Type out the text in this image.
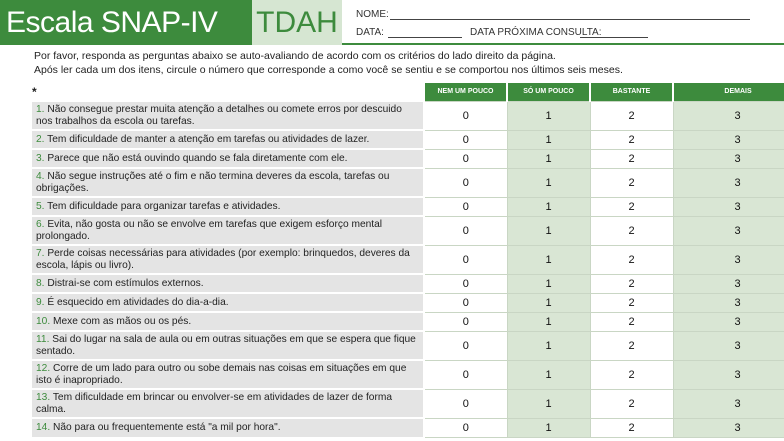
Escala SNAP-IV	TDAH	NOME:
DATA:	DATA PRÓXIMA CONSULTA:
Por favor, responda as perguntas abaixo se auto-avaliando de acordo com os critérios do lado direito da página.
Após ler cada um dos itens, circule o número que corresponde a como você se sentiu e se comportou nos últimos seis meses.
*	NEM UM POUCO	SÓ UM POUCO	BASTANTE	DEMAIS
1. Não consegue prestar muita atenção a detalhes ou comete erros por descuido nos trabalhos da escola ou tarefas.	0	1	2	3
2. Tem dificuldade de manter a atenção em tarefas ou atividades de lazer.	0	1	2	3
3. Parece que não está ouvindo quando se fala diretamente com ele.	0	1	2	3
4. Não segue instruções até o fim e não termina deveres da escola, tarefas ou obrigações.	0	1	2	3
5. Tem dificuldade para organizar tarefas e atividades.	0	1	2	3
6. Evita, não gosta ou não se envolve em tarefas que exigem esforço mental prolongado.	0	1	2	3
7. Perde coisas necessárias para atividades (por exemplo: brinquedos, deveres da escola, lápis ou livro).	0	1	2	3
8. Distrai-se com estímulos externos.	0	1	2	3
9. É esquecido em atividades do dia-a-dia.	0	1	2	3
10. Mexe com as mãos ou os pés.	0	1	2	3
11. Sai do lugar na sala de aula ou em outras situações em que se espera que fique sentado.	0	1	2	3
12. Corre de um lado para outro ou sobe demais nas coisas em situações em que isto é inapropriado.	0	1	2	3
13. Tem dificuldade em brincar ou envolver-se em atividades de lazer de forma calma.	0	1	2	3
14. Não para ou frequentemente está "a mil por hora".	0	1	2	3
